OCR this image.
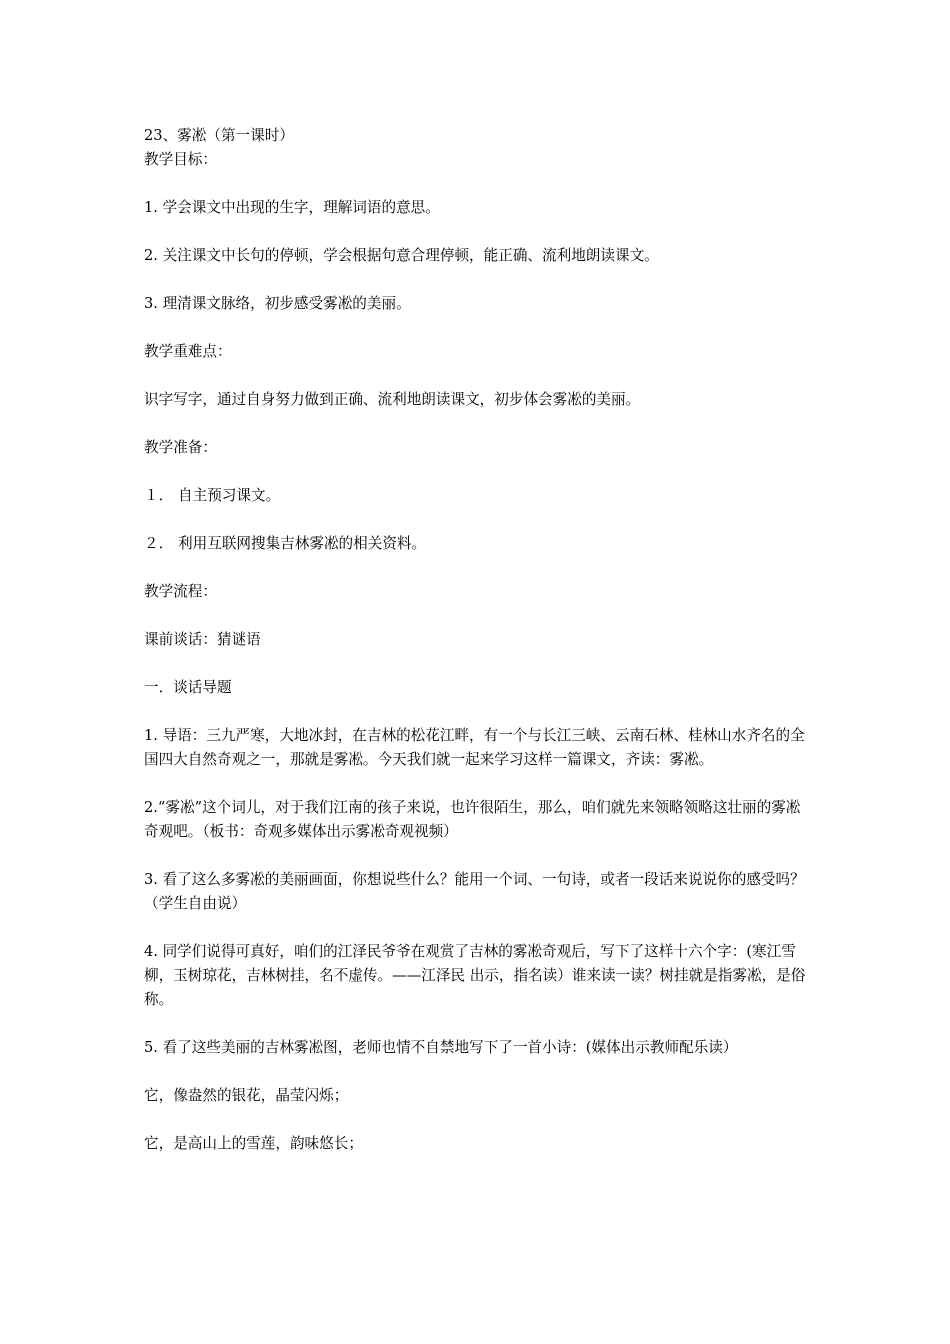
23、雾凇（第一课时）

教学目标：

1. 学会课文中出现的生字，理解词语的意思。

2. 关注课文中长句的停顿，学会根据句意合理停顿，能正确、流利地朗读课文。

3. 理清课文脉络，初步感受雾凇的美丽。

教学重难点：

识字写字，通过自身努力做到正确、流利地朗读课文，初步体会雾凇的美丽。

教学准备：

１． 自主预习课文。

２． 利用互联网搜集吉林雾凇的相关资料。

教学流程：

课前谈话：猜谜语

一．谈话导题

1. 导语：三九严寒，大地冰封，在吉林的松花江畔，有一个与长江三峡、云南石林、桂林山水齐名的全国四大自然奇观之一，那就是雾凇。今天我们就一起来学习这样一篇课文，齐读：雾凇。

2.“雾凇”这个词儿，对于我们江南的孩子来说，也许很陌生，那么，咱们就先来领略领略这壮丽的雾凇奇观吧。（板书：奇观多媒体出示雾凇奇观视频）

3. 看了这么多雾凇的美丽画面，你想说些什么？能用一个词、一句诗，或者一段话来说说你的感受吗？（学生自由说）

4. 同学们说得可真好，咱们的江泽民爷爷在观赏了吉林的雾凇奇观后，写下了这样十六个字：(寒江雪柳，玉树琼花，吉林树挂，名不虚传。——江泽民 出示，指名读）谁来读一读？树挂就是指雾凇，是俗称。

5. 看了这些美丽的吉林雾凇图，老师也情不自禁地写下了一首小诗：(媒体出示教师配乐读）

它，像盎然的银花，晶莹闪烁；

它，是高山上的雪莲，韵味悠长；
